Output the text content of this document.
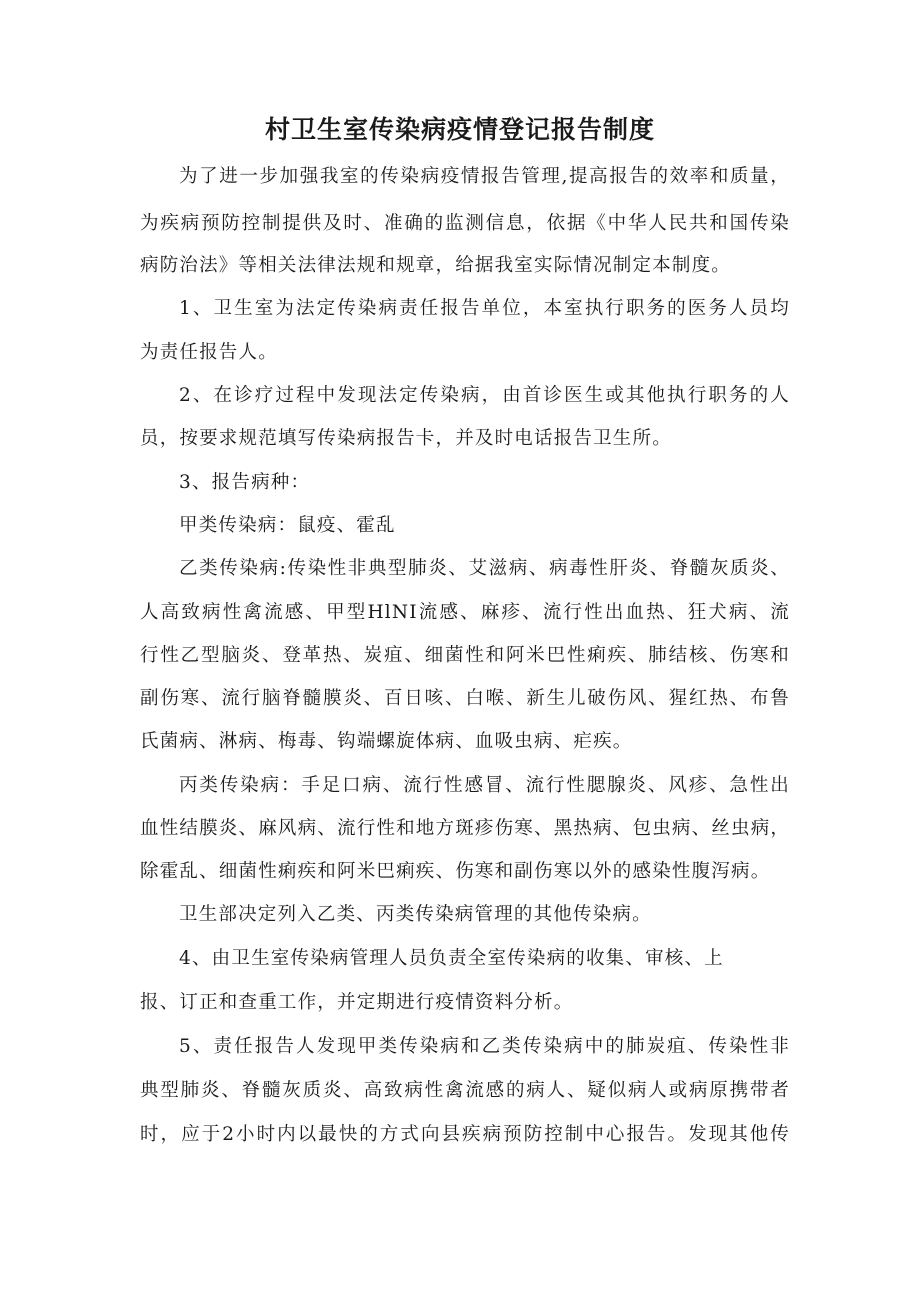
村卫生室传染病疫情登记报告制度
为了进一步加强我室的传染病疫情报告管理,提高报告的效率和质量，
为疾病预防控制提供及时、准确的监测信息，依据《中华人民共和国传染
病防治法》等相关法律法规和规章，给据我室实际情况制定本制度。
1、卫生室为法定传染病责任报告单位，本室执行职务的医务人员均
为责任报告人。
2、在诊疗过程中发现法定传染病，由首诊医生或其他执行职务的人
员，按要求规范填写传染病报告卡，并及时电话报告卫生所。
3、报告病种：
甲类传染病：鼠疫、霍乱
乙类传染病:传染性非典型肺炎、艾滋病、病毒性肝炎、脊髓灰质炎、
人高致病性禽流感、甲型HlNI流感、麻疹、流行性出血热、狂犬病、流
行性乙型脑炎、登革热、炭疽、细菌性和阿米巴性痢疾、肺结核、伤寒和
副伤寒、流行脑脊髓膜炎、百日咳、白喉、新生儿破伤风、猩红热、布鲁
氏菌病、淋病、梅毒、钩端螺旋体病、血吸虫病、疟疾。
丙类传染病：手足口病、流行性感冒、流行性腮腺炎、风疹、急性出
血性结膜炎、麻风病、流行性和地方斑疹伤寒、黑热病、包虫病、丝虫病，
除霍乱、细菌性痢疾和阿米巴痢疾、伤寒和副伤寒以外的感染性腹泻病。
卫生部决定列入乙类、丙类传染病管理的其他传染病。
4、由卫生室传染病管理人员负责全室传染病的收集、审核、上
报、订正和查重工作，并定期进行疫情资料分析。
5、责任报告人发现甲类传染病和乙类传染病中的肺炭疽、传染性非
典型肺炎、脊髓灰质炎、高致病性禽流感的病人、疑似病人或病原携带者
时，应于2小时内以最快的方式向县疾病预防控制中心报告。发现其他传
